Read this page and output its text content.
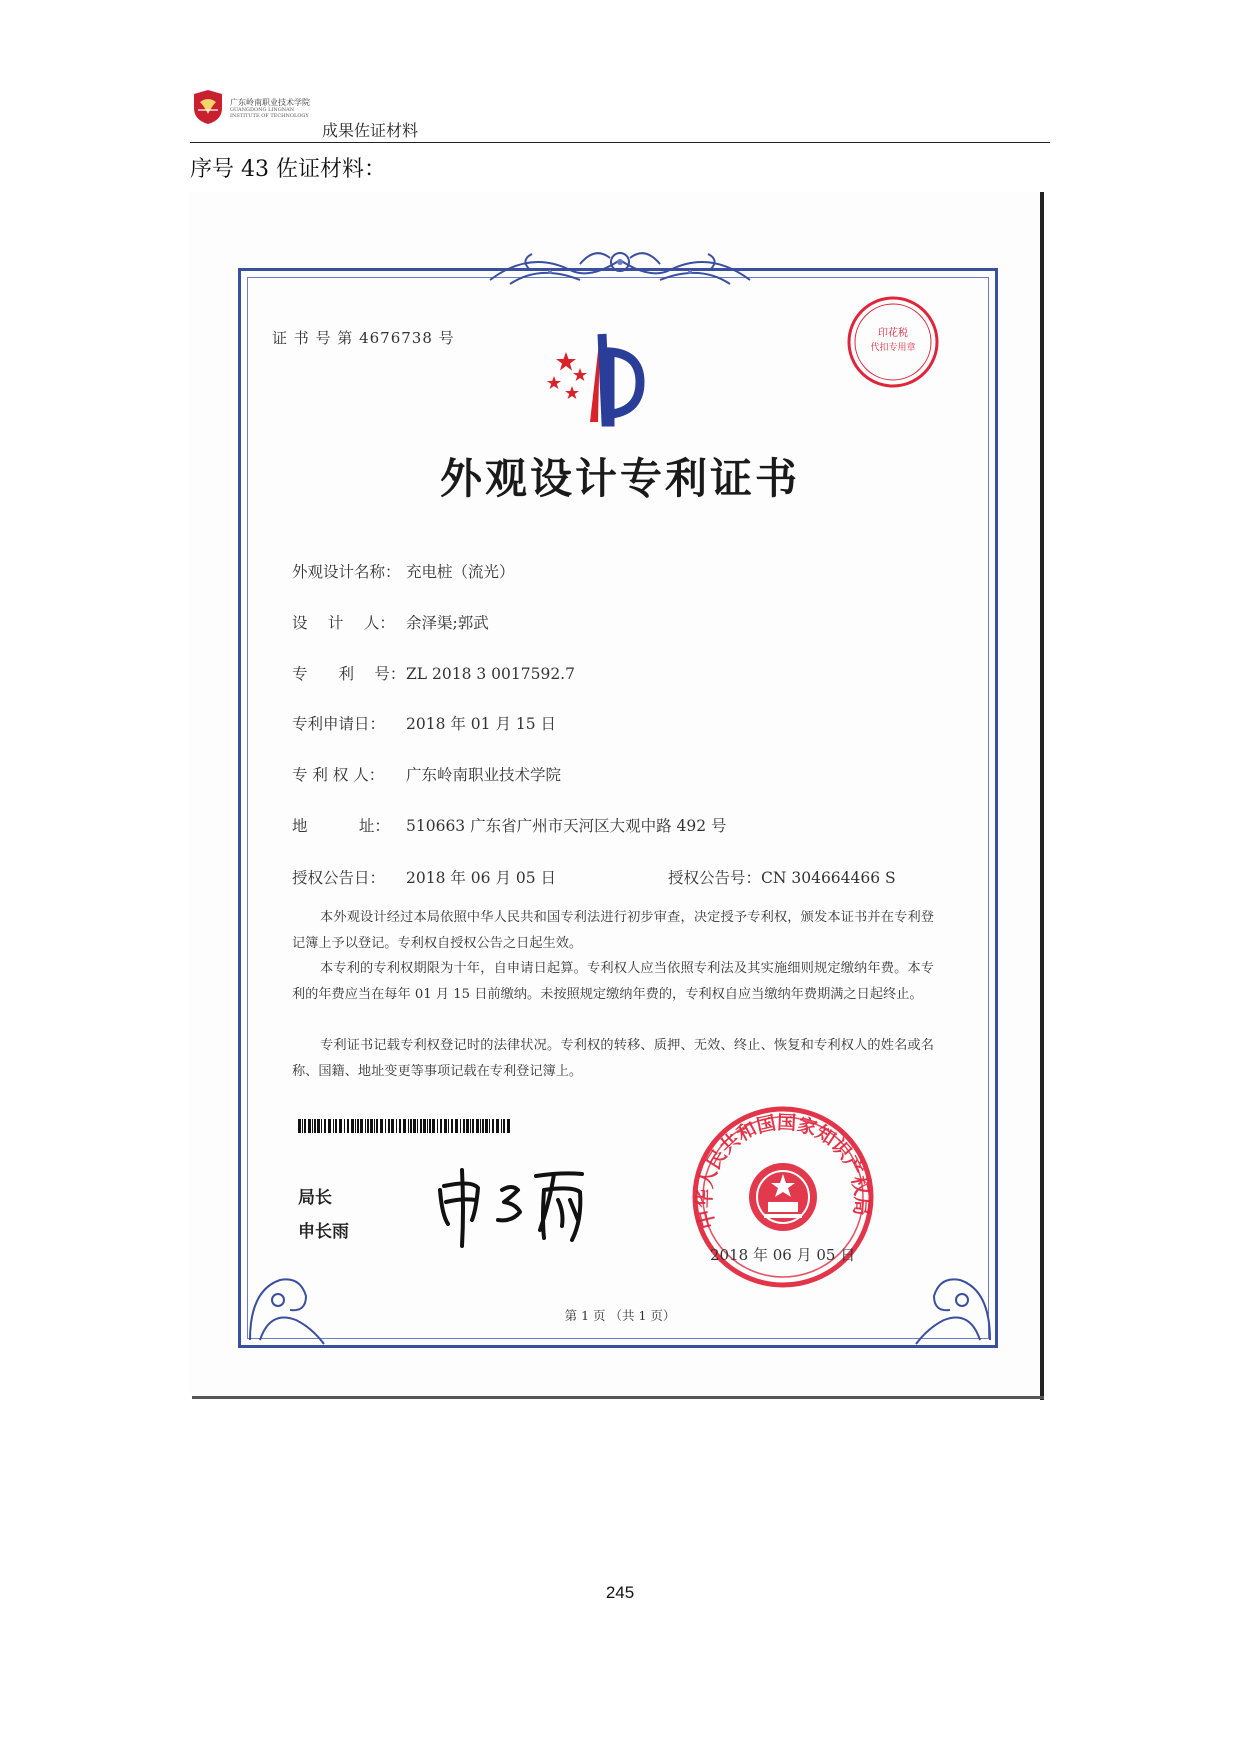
广东岭南职业技术学院
GUANGDONG LINGNAN INSTITUTE OF TECHNOLOGY
成果佐证材料
序号 43 佐证材料：
证 书 号 第 4676738 号	印花税
代扣专用章
外观设计专利证书
外观设计名称： 充电桩（流光）
设　 计　 人： 余泽渠;郭武
专　　利　 号：ZL 2018 3 0017592.7
专利申请日： 2018 年 01 月 15 日
专 利 权 人： 广东岭南职业技术学院
地　　　 址： 510663 广东省广州市天河区大观中路 492 号
授权公告日： 2018 年 06 月 05 日	授权公告号：CN 304664466 S

本外观设计经过本局依照中华人民共和国专利法进行初步审查，决定授予专利权，颁发本证书并在专利登记簿上予以登记。专利权自授权公告之日起生效。

本专利的专利权期限为十年，自申请日起算。专利权人应当依照专利法及其实施细则规定缴纳年费。本专利的年费应当在每年 01 月 15 日前缴纳。未按照规定缴纳年费的，专利权自应当缴纳年费期满之日起终止。

专利证书记载专利权登记时的法律状况。专利权的转移、质押、无效、终止、恢复和专利权人的姓名或名称、国籍、地址变更等事项记载在专利登记簿上。

局长
申长雨
中华人民共和国国家知识产权局
2018 年 06 月 05 日
第 1 页 （共 1 页）
245
